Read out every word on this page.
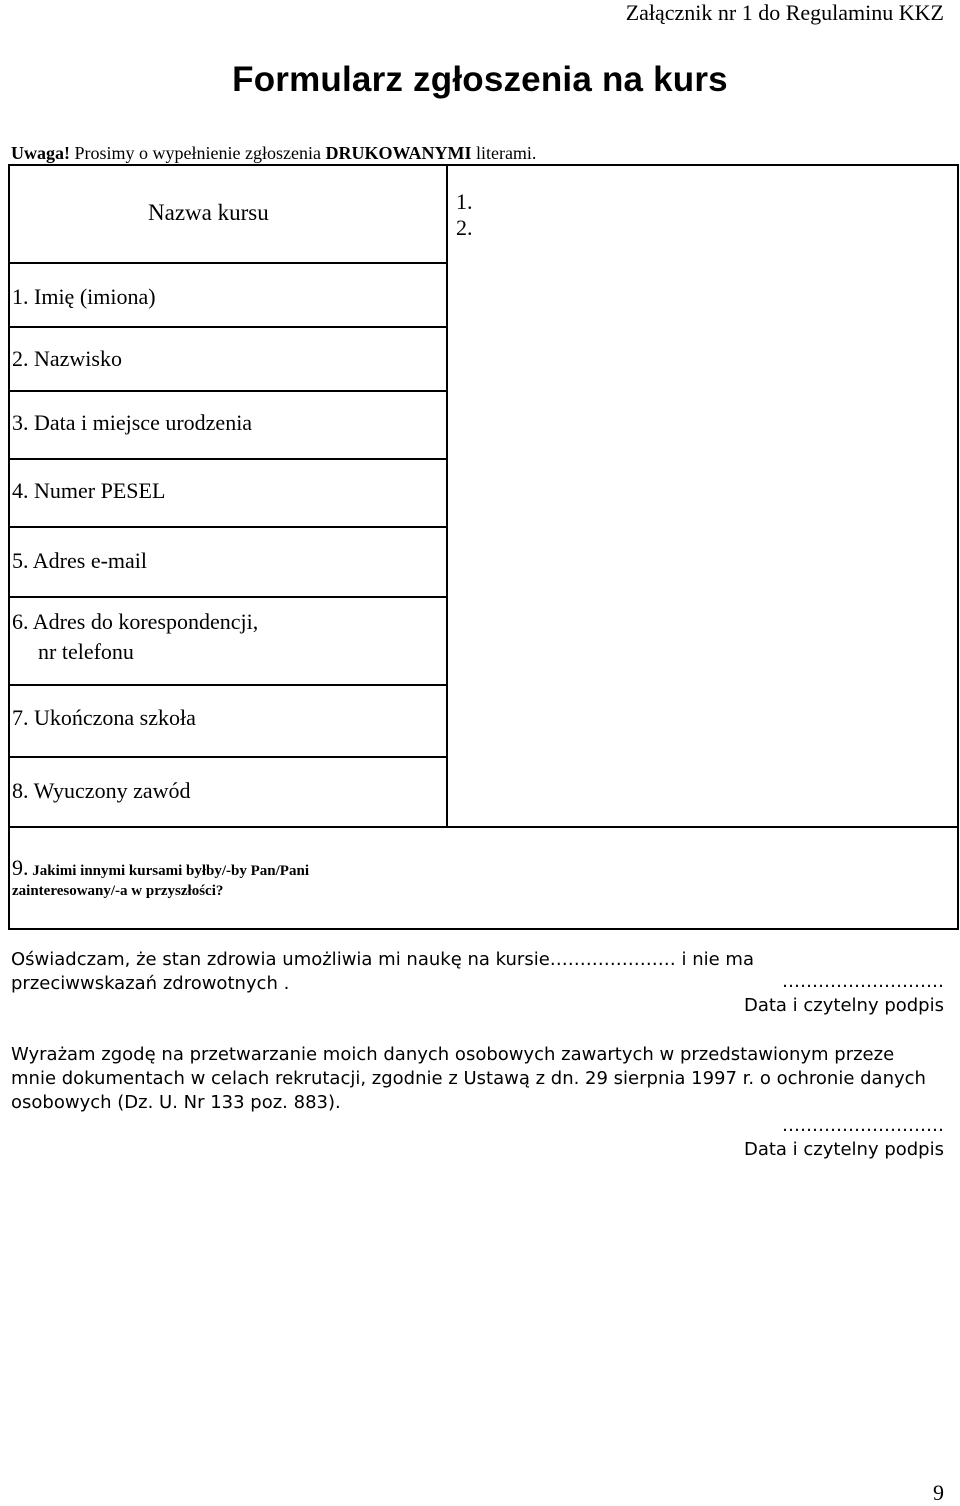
Załącznik nr 1 do Regulaminu KKZ
Formularz zgłoszenia na kurs
Uwaga! Prosimy o wypełnienie zgłoszenia DRUKOWANYMI literami.
Nazwa kursu	1.
2.
1. Imię (imiona)
2. Nazwisko
3. Data i miejsce urodzenia
4. Numer PESEL
5. Adres e-mail
6. Adres do korespondencji,
nr telefonu
7. Ukończona szkoła
8. Wyuczony zawód
9. Jakimi innymi kursami byłby/-by Pan/Pani
zainteresowany/-a w przyszłości?
Oświadczam, że stan zdrowia umożliwia mi naukę na kursie………………… i nie ma
przeciwwskazań zdrowotnych .	………………………
Data i czytelny podpis
Wyrażam zgodę na przetwarzanie moich danych osobowych zawartych w przedstawionym przeze mnie dokumentach w celach rekrutacji, zgodnie z Ustawą z dn. 29 sierpnia 1997 r. o ochronie danych osobowych (Dz. U. Nr 133 poz. 883).
………………………
Data i czytelny podpis
9
